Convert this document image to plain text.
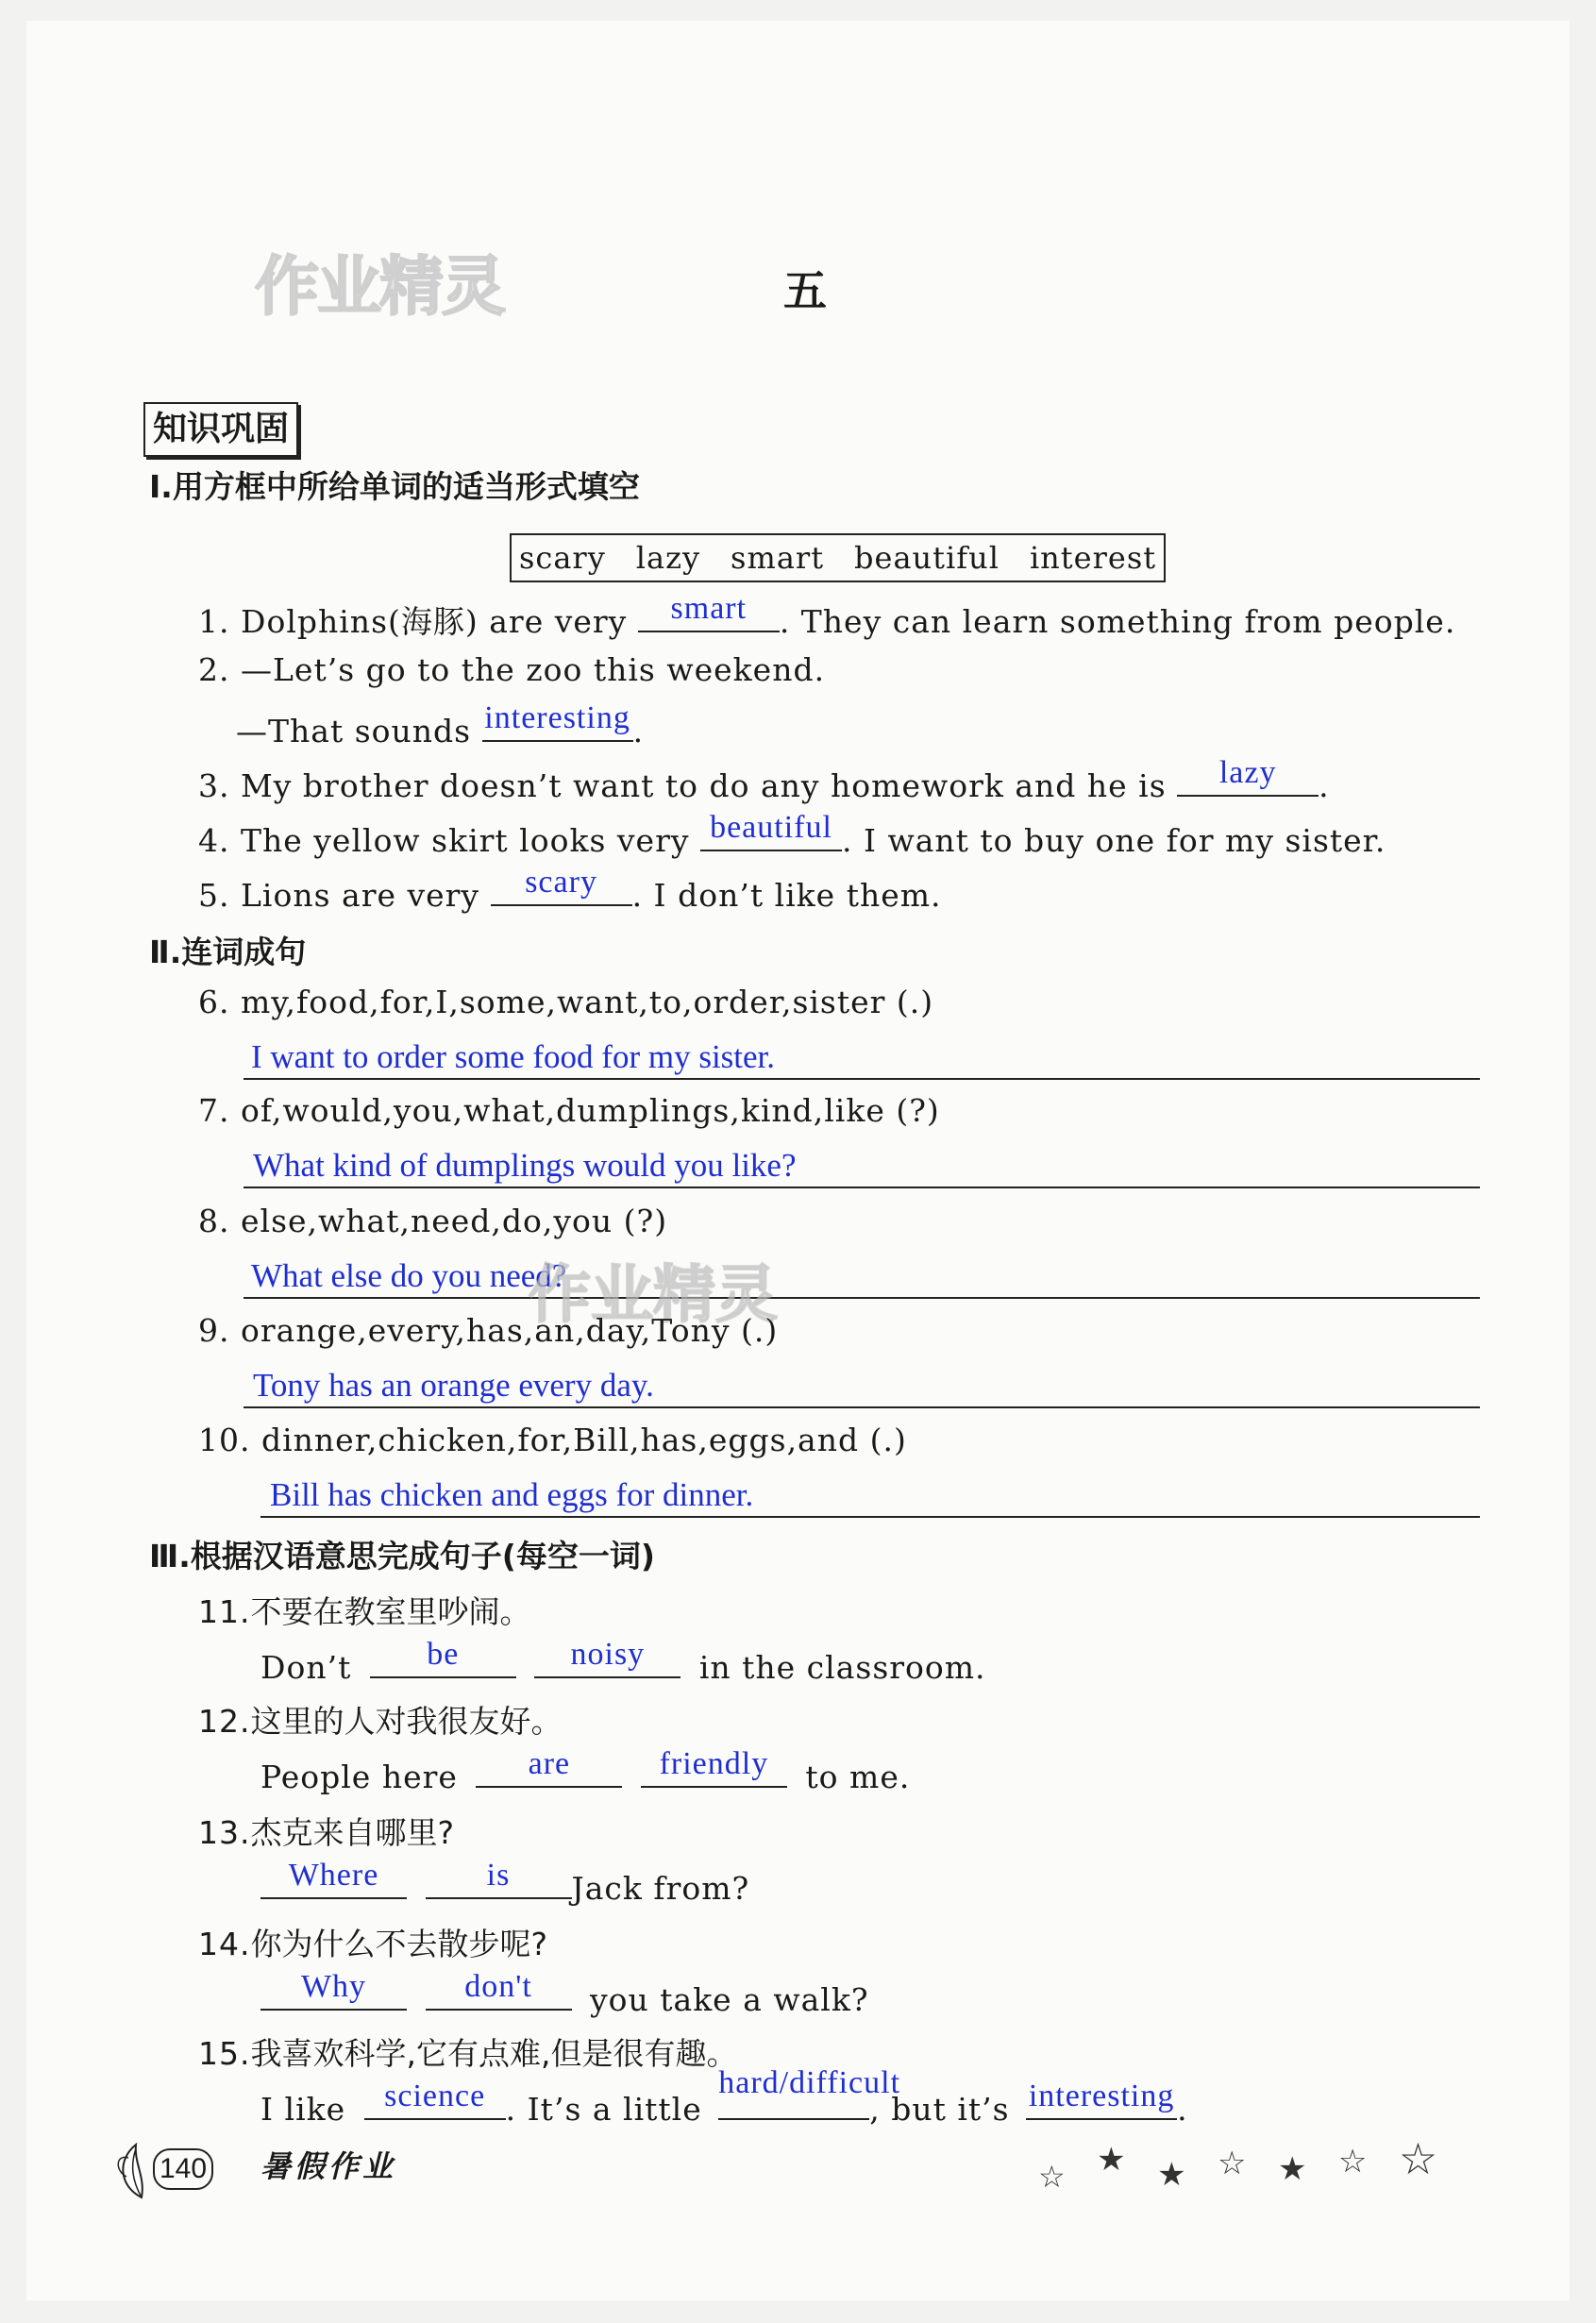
作业精灵	五
知识巩固
Ⅰ.用方框中所给单词的适当形式填空
scary lazy smart beautiful interest
1. Dolphins(海豚) are very	smart	. They can learn something from people.
2. —Let’s go to the zoo this weekend.
—That sounds interesting .
3. My brother doesn’t want to do any homework and he is	lazy	.
4. The yellow skirt looks very beautiful . I want to buy one for my sister.
5. Lions are very	scary	. I don’t like them.
Ⅱ.连词成句
6. my,food,for,I,some,want,to,order,sister (.)
I want to order some food for my sister.
7. of,would,you,what,dumplings,kind,like (?)
What kind of dumplings would you like?
8. else,what,need,do,you (?)
What else do you need?
作业精灵
9. orange,every,has,an,day,Tony (.)
Tony has an orange every day.
10. dinner,chicken,for,Bill,has,eggs,and (.)
Bill has chicken and eggs for dinner.
Ⅲ.根据汉语意思完成句子(每空一词)
11.不要在教室里吵闹。
Don’t	be
	noisy	in the classroom.
12.这里的人对我很友好。
People here	are
	friendly	to me.
13.杰克来自哪里?
Where
	is	Jack from?
14.你为什么不去散步呢?
Why
	don't	you take a walk?
15.我喜欢科学,它有点难,但是很有趣。
I like	science . It’s a little
hard/difficult
, but it’s interesting .
140 暑假作业	☆ ★ ★ ☆ ★ ☆ ☆
